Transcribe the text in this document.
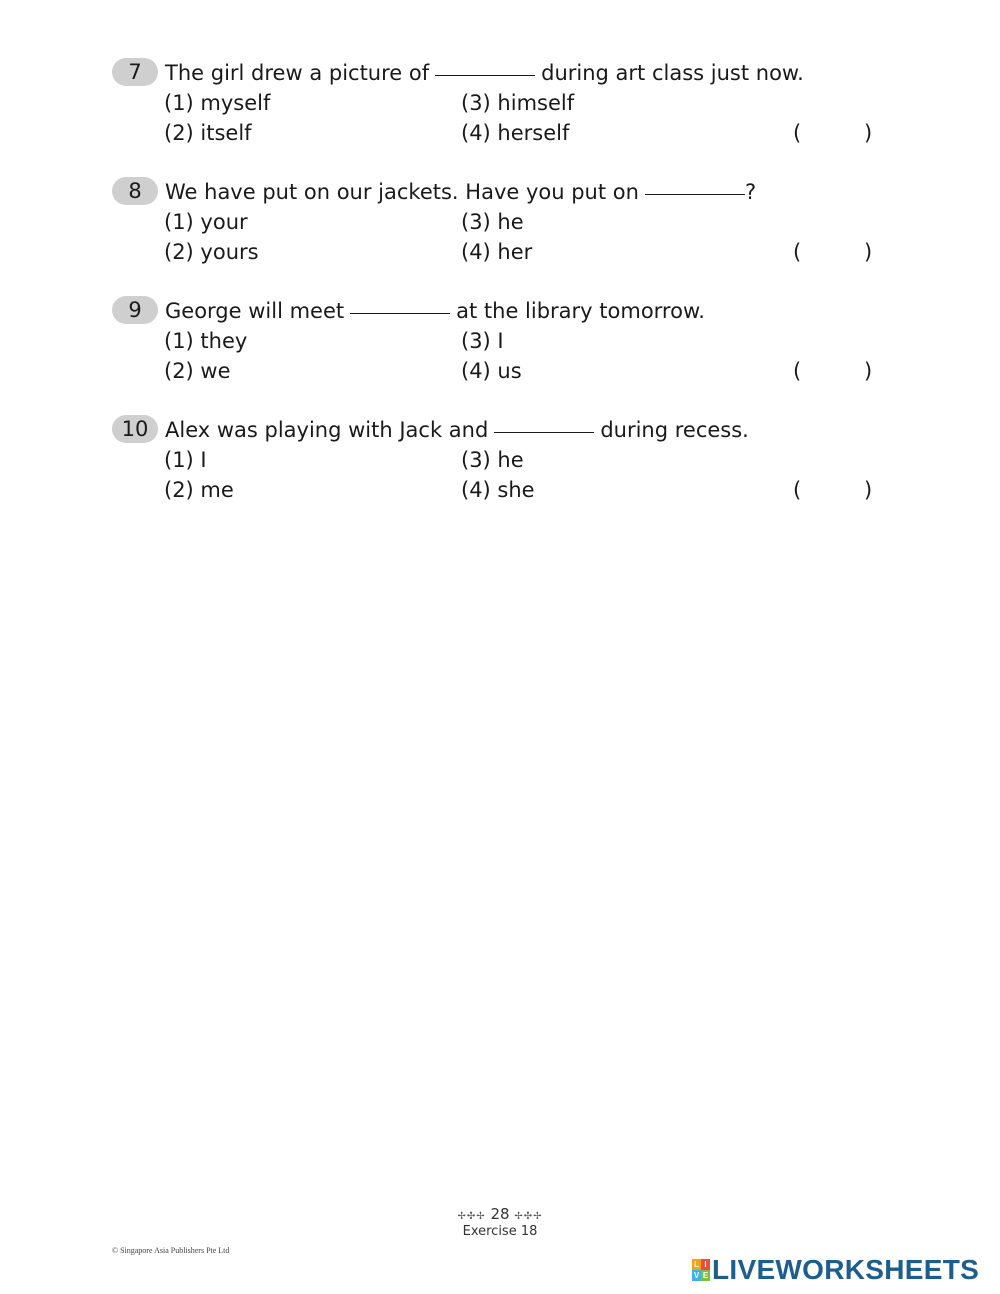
7	The girl drew a picture of	during art class just now.
(1) myself	(3) himself
(2) itself	(4) herself	(	)
8	We have put on our jackets. Have you put on	?
(1) your	(3) he
(2) yours	(4) her	(	)
9	George will meet	at the library tomorrow.
(1) they	(3) I
(2) we	(4) us	(	)
10 Alex was playing with Jack and	during recess.
(1) I	(3) he
(2) me	(4) she	(	)
✢✣✢ 28 ✢✣✢
Exercise 18
© Singapore Asia Publishers Pte Ltd
L I
V E LIVEWORKSHEETS
